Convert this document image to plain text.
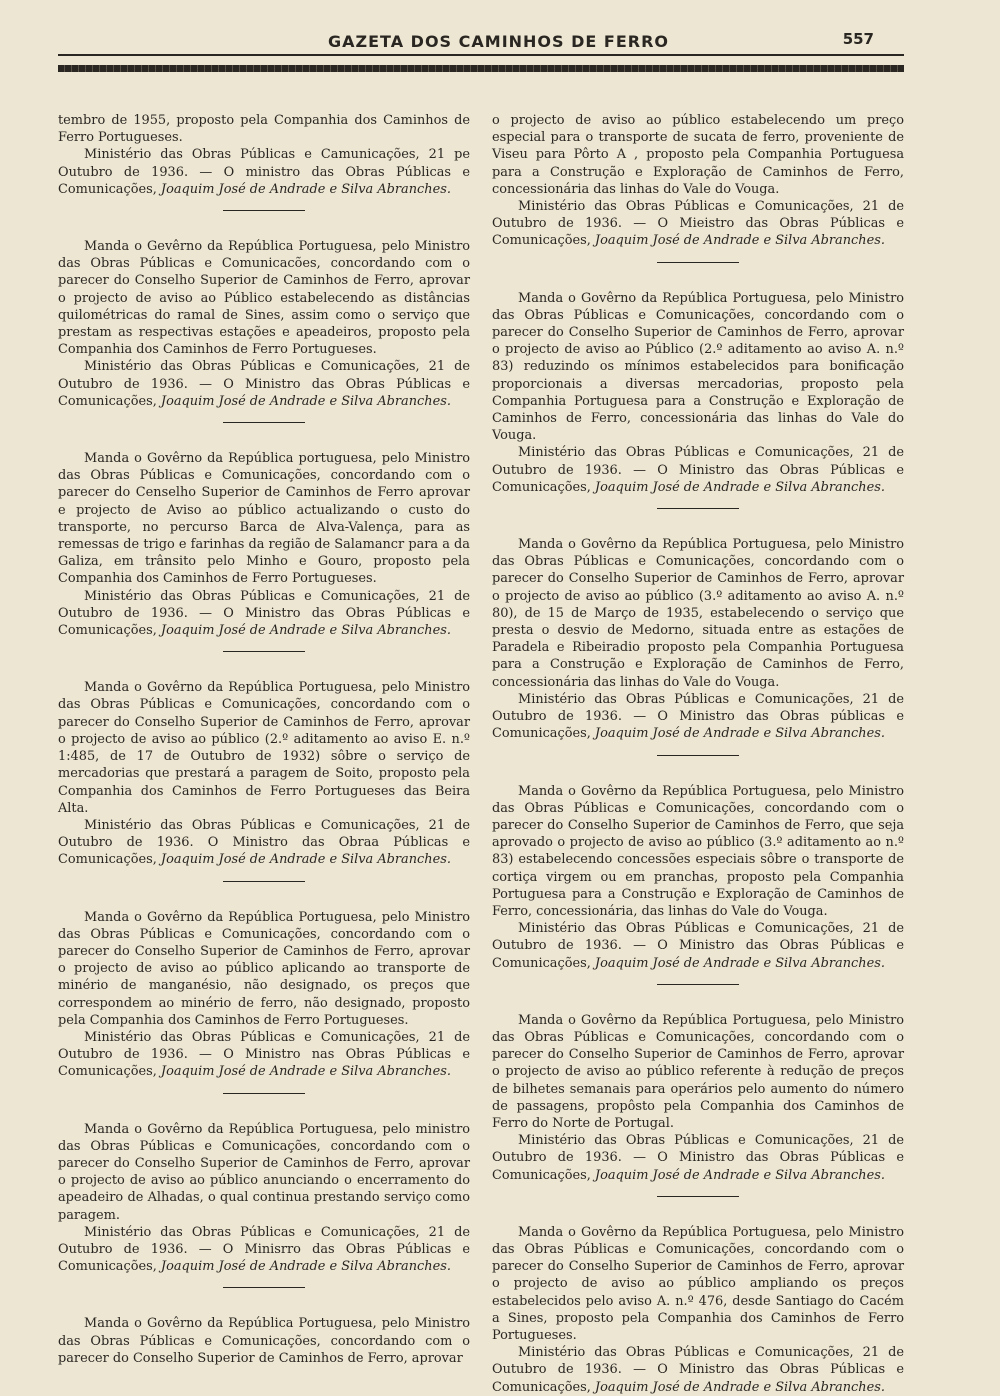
GAZETA DOS CAMINHOS DE FERRO	557

tembro de 1955, proposto pela Companhia dos Caminhos de Ferro Portugueses.

Ministério das Obras Públicas e Camunicações, 21 pe Outubro de 1936. — O ministro das Obras Públicas e Comunicações, Joaquim José de Andrade e Silva Abranches.

Manda o Gevêrno da República Portuguesa, pelo Ministro das Obras Públicas e Comunicacões, concordando com o parecer do Conselho Superior de Caminhos de Ferro, aprovar o projecto de aviso ao Público estabelecendo as distâncias quilométricas do ramal de Sines, assim como o serviço que prestam as respectivas estações e apeadeiros, proposto pela Companhia dos Caminhos de Ferro Portugueses.

Ministério das Obras Públicas e Comunicações, 21 de Outubro de 1936. — O Ministro das Obras Públicas e Comunicações, Joaquim José de Andrade e Silva Abranches.

Manda o Govêrno da República portuguesa, pelo Ministro das Obras Públicas e Comunicações, concordando com o parecer do Censelho Superior de Caminhos de Ferro aprovar e projecto de Aviso ao público actualizando o custo do transporte, no percurso Barca de Alva-Valença, para as remessas de trigo e farinhas da região de Salamancr para a da Galiza, em trânsito pelo Minho e Gouro, proposto pela Companhia dos Caminhos de Ferro Portugueses.

Ministério das Obras Públicas e Comunicações, 21 de Outubro de 1936. — O Ministro das Obras Públicas e Comunicações, Joaquim José de Andrade e Silva Abranches.

Manda o Govêrno da República Portuguesa, pelo Ministro das Obras Públicas e Comunicações, concordando com o parecer do Conselho Superior de Caminhos de Ferro, aprovar o projecto de aviso ao público (2.º aditamento ao aviso E. n.º 1:485, de 17 de Outubro de 1932) sôbre o serviço de mercadorias que prestará a paragem de Soito, proposto pela Companhia dos Caminhos de Ferro Portugueses das Beira Alta.

Ministério das Obras Públicas e Comunicações, 21 de Outubro de 1936. O Ministro das Obraa Públicas e Comunicações, Joaquim José de Andrade e Silva Abranches.

Manda o Govêrno da República Portuguesa, pelo Ministro das Obras Públicas e Comunicações, concordando com o parecer do Conselho Superior de Caminhos de Ferro, aprovar o projecto de aviso ao público aplicando ao transporte de minério de manganésio, não designado, os preços que correspondem ao minério de ferro, não designado, proposto pela Companhia dos Caminhos de Ferro Portugueses.

Ministério das Obras Públicas e Comunicações, 21 de Outubro de 1936. — O Ministro nas Obras Públicas e Comunicações, Joaquim José de Andrade e Silva Abranches.

Manda o Govêrno da República Portuguesa, pelo ministro das Obras Públicas e Comunicações, concordando com o parecer do Conselho Superior de Caminhos de Ferro, aprovar o projecto de aviso ao público anunciando o encerramento do apeadeiro de Alhadas, o qual continua prestando serviço como paragem.

Ministério das Obras Públicas e Comunicações, 21 de Outubro de 1936. — O Minisrro das Obras Públicas e Comunicações, Joaquim José de Andrade e Silva Abranches.

Manda o Govêrno da República Portuguesa, pelo Ministro das Obras Públicas e Comunicações, concordando com o parecer do Conselho Superior de Caminhos de Ferro, aprovar

o projecto de aviso ao público estabelecendo um preço especial para o transporte de sucata de ferro, proveniente de Viseu para Pôrto A , proposto pela Companhia Portuguesa para a Construção e Exploração de Caminhos de Ferro, concessionária das linhas do Vale do Vouga.

Ministério das Obras Públicas e Comunicações, 21 de Outubro de 1936. — O Mieistro das Obras Públicas e Comunicações, Joaquim José de Andrade e Silva Abranches.

Manda o Govêrno da República Portuguesa, pelo Ministro das Obras Públicas e Comunicações, concordando com o parecer do Conselho Superior de Caminhos de Ferro, aprovar o projecto de aviso ao Público (2.º aditamento ao aviso A. n.º 83) reduzindo os mínimos estabelecidos para bonificação proporcionais a diversas mercadorias, proposto pela Companhia Portuguesa para a Construção e Exploração de Caminhos de Ferro, concessionária das linhas do Vale do Vouga.

Ministério das Obras Públicas e Comunicações, 21 de Outubro de 1936. — O Ministro das Obras Públicas e Comunicações, Joaquim José de Andrade e Silva Abranches.

Manda o Govêrno da República Portuguesa, pelo Ministro das Obras Públicas e Comunicações, concordando com o parecer do Conselho Superior de Caminhos de Ferro, aprovar o projecto de aviso ao público (3.º aditamento ao aviso A. n.º 80), de 15 de Março de 1935, estabelecendo o serviço que presta o desvio de Medorno, situada entre as estações de Paradela e Ribeiradio proposto pela Companhia Portuguesa para a Construção e Exploração de Caminhos de Ferro, concessionária das linhas do Vale do Vouga.

Ministério das Obras Públicas e Comunicações, 21 de Outubro de 1936. — O Ministro das Obras públicas e Comunicações, Joaquim José de Andrade e Silva Abranches.

Manda o Govêrno da República Portuguesa, pelo Ministro das Obras Públicas e Comunicações, concordando com o parecer do Conselho Superior de Caminhos de Ferro, que seja aprovado o projecto de aviso ao público (3.º aditamento ao n.º 83) estabelecendo concessões especiais sôbre o transporte de cortiça virgem ou em pranchas, proposto pela Companhia Portuguesa para a Construção e Exploração de Caminhos de Ferro, concessionária, das linhas do Vale do Vouga.

Ministério das Obras Públicas e Comunicações, 21 de Outubro de 1936. — O Ministro das Obras Públicas e Comunicações, Joaquim José de Andrade e Silva Abranches.

Manda o Govêrno da República Portuguesa, pelo Ministro das Obras Públicas e Comunicações, concordando com o parecer do Conselho Superior de Caminhos de Ferro, aprovar o projecto de aviso ao público referente à redução de preços de bilhetes semanais para operários pelo aumento do número de passagens, propôsto pela Companhia dos Caminhos de Ferro do Norte de Portugal.

Ministério das Obras Públicas e Comunicações, 21 de Outubro de 1936. — O Ministro das Obras Públicas e Comunicações, Joaquim José de Andrade e Silva Abranches.

Manda o Govêrno da República Portuguesa, pelo Ministro das Obras Públicas e Comunicações, concordando com o parecer do Conselho Superior de Caminhos de Ferro, aprovar o projecto de aviso ao público ampliando os preços estabelecidos pelo aviso A. n.º 476, desde Santiago do Cacém a Sines, proposto pela Companhia dos Caminhos de Ferro Portugueses.

Ministério das Obras Públicas e Comunicações, 21 de Outubro de 1936. — O Ministro das Obras Públicas e Comunicações, Joaquim José de Andrade e Silva Abranches.
